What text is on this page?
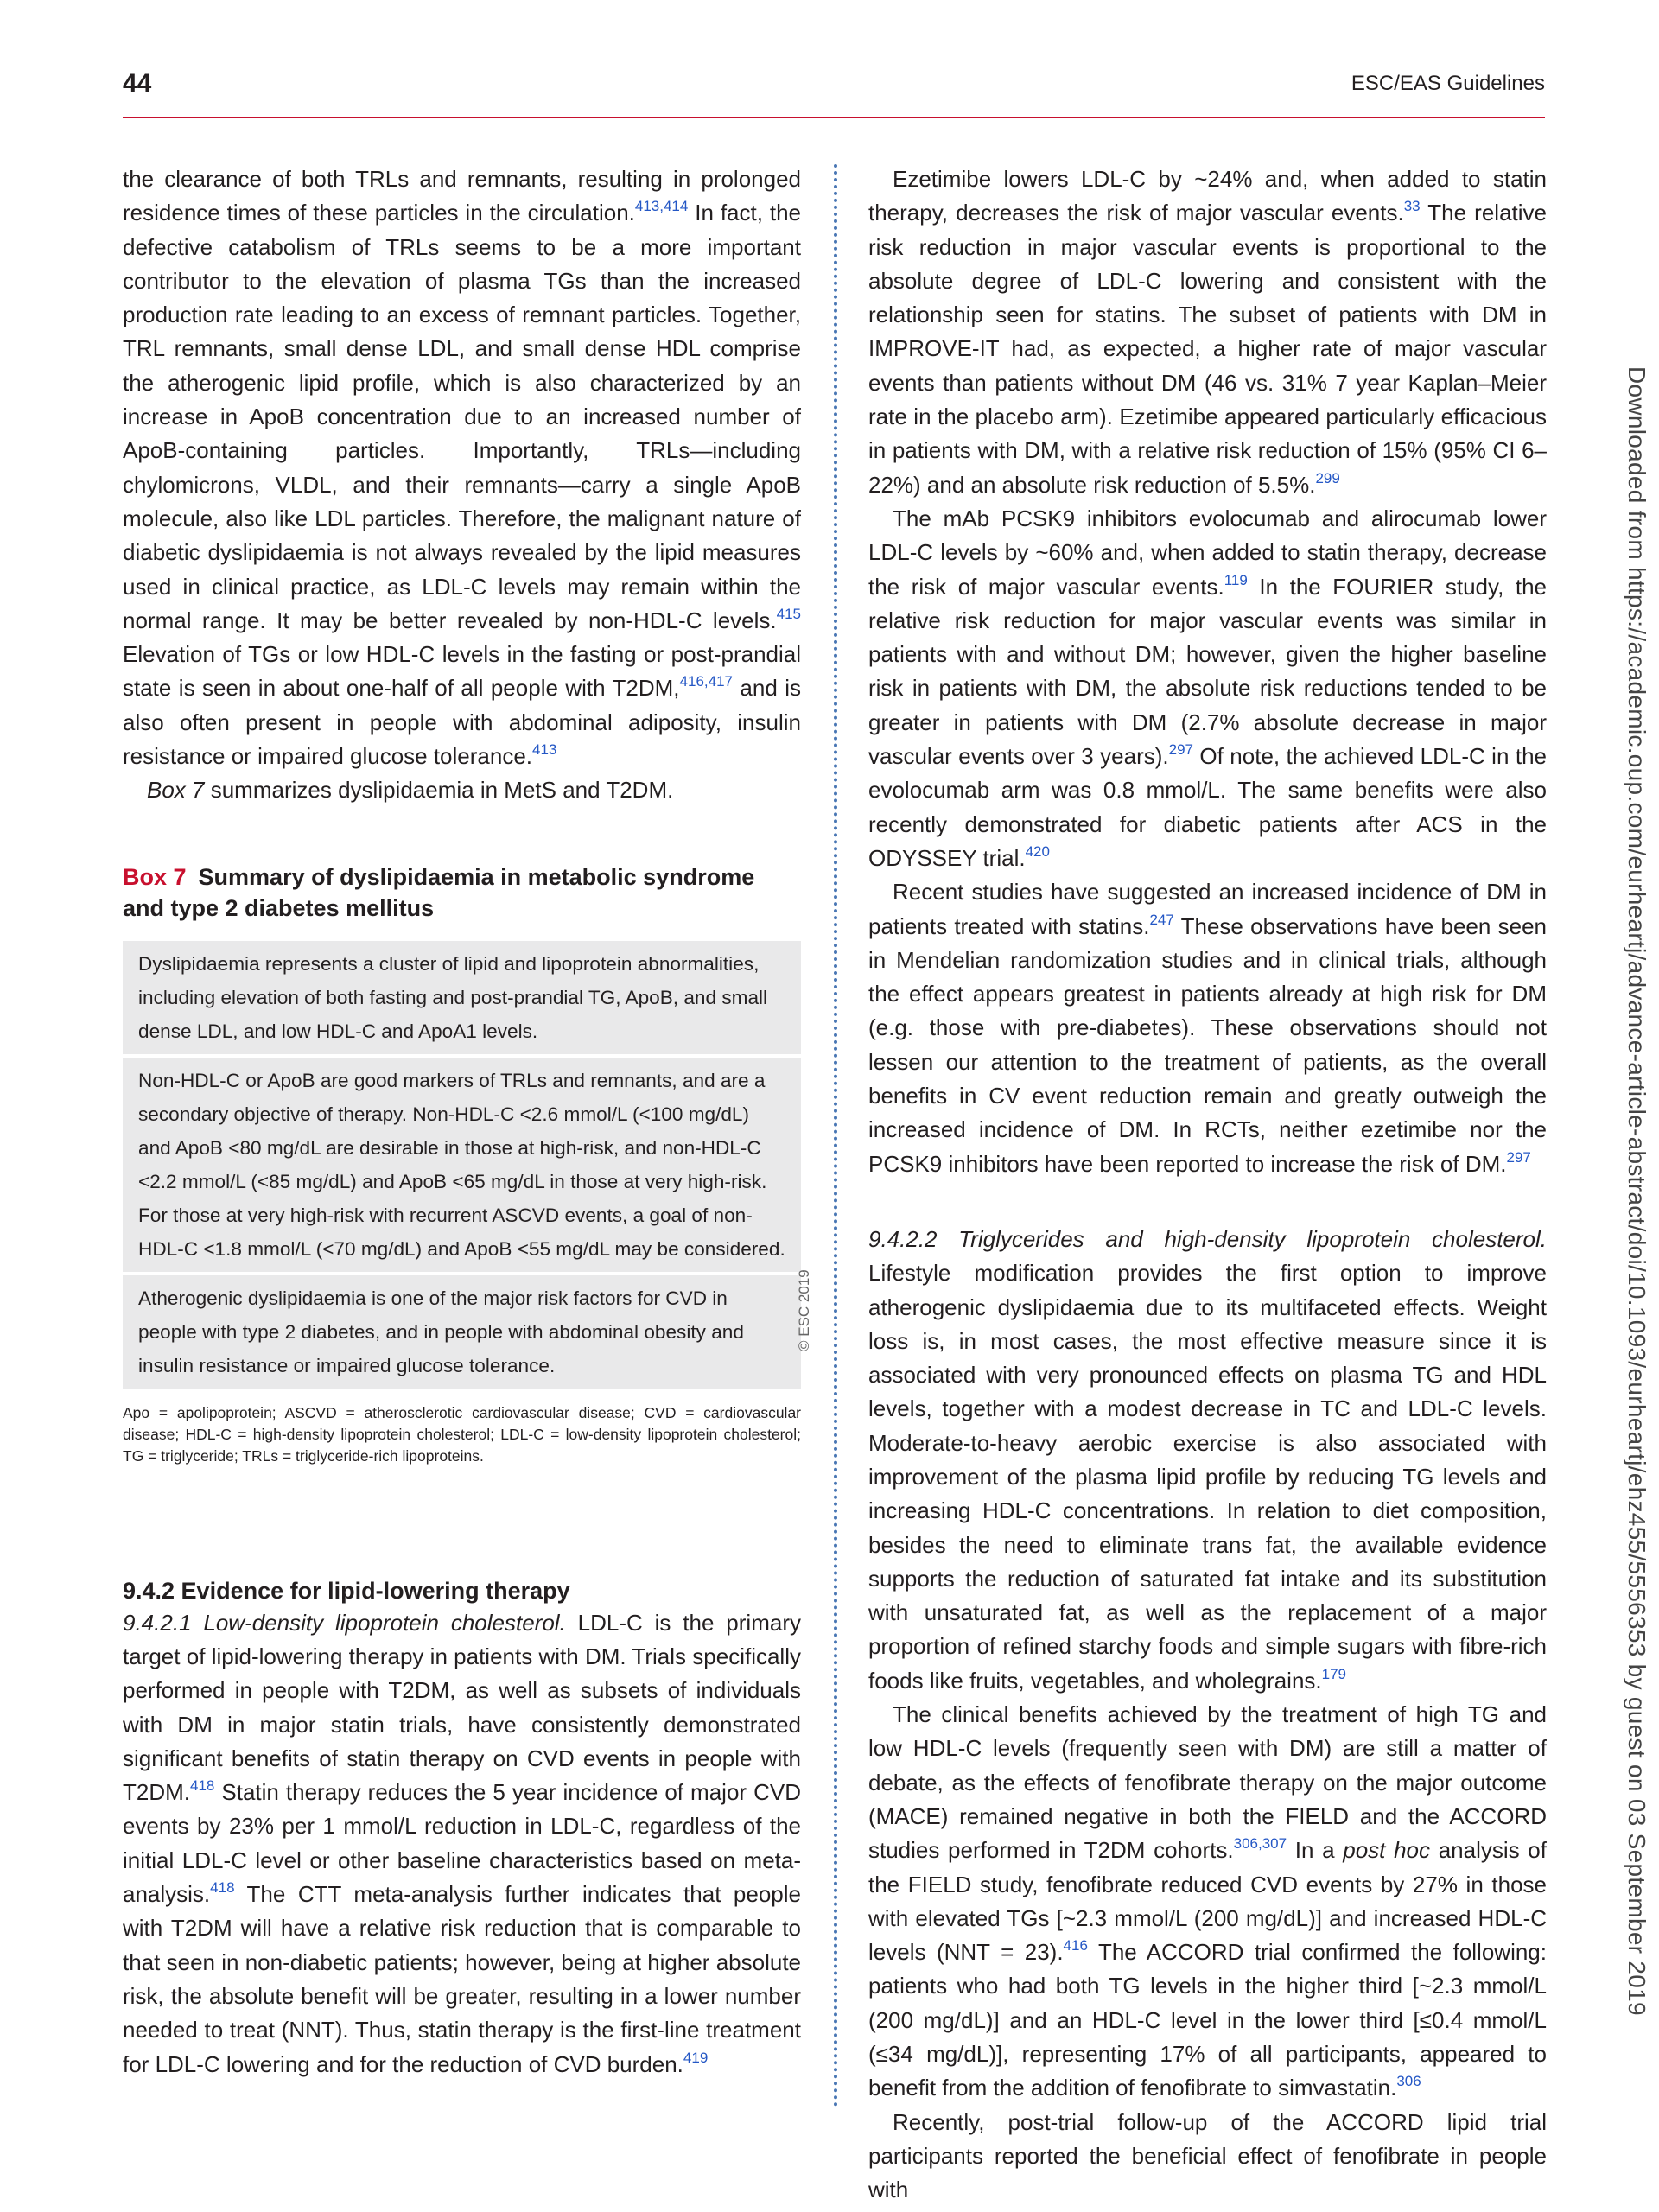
44	ESC/EAS Guidelines

the clearance of both TRLs and remnants, resulting in prolonged residence times of these particles in the circulation.$^{413,414}$ In fact, the defective catabolism of TRLs seems to be a more important contributor to the elevation of plasma TGs than the increased production rate leading to an excess of remnant particles. Together, TRL remnants, small dense LDL, and small dense HDL comprise the atherogenic lipid profile, which is also characterized by an increase in ApoB concentration due to an increased number of ApoB-containing particles. Importantly, TRLs—including chylomicrons, VLDL, and their remnants—carry a single ApoB molecule, also like LDL particles. Therefore, the malignant nature of diabetic dyslipidaemia is not always revealed by the lipid measures used in clinical practice, as LDL-C levels may remain within the normal range. It may be better revealed by non-HDL-C levels.$^{415}$ Elevation of TGs or low HDL-C levels in the fasting or post-prandial state is seen in about one-half of all people with T2DM,$^{416,417}$ and is also often present in people with abdominal adiposity, insulin resistance or impaired glucose tolerance.$^{413}$

Box 7 summarizes dyslipidaemia in MetS and T2DM.

Box 7 Summary of dyslipidaemia in metabolic syndrome and type 2 diabetes mellitus
Dyslipidaemia represents a cluster of lipid and lipoprotein abnormalities, including elevation of both fasting and post-prandial TG, ApoB, and small dense LDL, and low HDL-C and ApoA1 levels.
Non-HDL-C or ApoB are good markers of TRLs and remnants, and are a secondary objective of therapy. Non-HDL-C <2.6 mmol/L (<100 mg/dL) and ApoB <80 mg/dL are desirable in those at high-risk, and non-HDL-C <2.2 mmol/L (<85 mg/dL) and ApoB <65 mg/dL in those at very high-risk. For those at very high-risk with recurrent ASCVD events, a goal of non-HDL-C <1.8 mmol/L (<70 mg/dL) and ApoB <55 mg/dL may be considered.
Atherogenic dyslipidaemia is one of the major risk factors for CVD in people with type 2 diabetes, and in people with abdominal obesity and insulin resistance or impaired glucose tolerance.
Apo = apolipoprotein; ASCVD = atherosclerotic cardiovascular disease; CVD = cardiovascular disease; HDL-C = high-density lipoprotein cholesterol; LDL-C = low-density lipoprotein cholesterol; TG = triglyceride; TRLs = triglyceride-rich lipoproteins.
9.4.2 Evidence for lipid-lowering therapy

9.4.2.1 Low-density lipoprotein cholesterol. LDL-C is the primary target of lipid-lowering therapy in patients with DM. Trials specifically performed in people with T2DM, as well as subsets of individuals with DM in major statin trials, have consistently demonstrated significant benefits of statin therapy on CVD events in people with T2DM.$^{418}$ Statin therapy reduces the 5 year incidence of major CVD events by 23% per 1 mmol/L reduction in LDL-C, regardless of the initial LDL-C level or other baseline characteristics based on meta-analysis.$^{418}$ The CTT meta-analysis further indicates that people with T2DM will have a relative risk reduction that is comparable to that seen in non-diabetic patients; however, being at higher absolute risk, the absolute benefit will be greater, resulting in a lower number needed to treat (NNT). Thus, statin therapy is the first-line treatment for LDL-C lowering and for the reduction of CVD burden.$^{419}$

© ESC 2019

Ezetimibe lowers LDL-C by ~24% and, when added to statin therapy, decreases the risk of major vascular events.$^{33}$ The relative risk reduction in major vascular events is proportional to the absolute degree of LDL-C lowering and consistent with the relationship seen for statins. The subset of patients with DM in IMPROVE-IT had, as expected, a higher rate of major vascular events than patients without DM (46 vs. 31% 7 year Kaplan–Meier rate in the placebo arm). Ezetimibe appeared particularly efficacious in patients with DM, with a relative risk reduction of 15% (95% CI 6–22%) and an absolute risk reduction of 5.5%.$^{299}$

The mAb PCSK9 inhibitors evolocumab and alirocumab lower LDL-C levels by ~60% and, when added to statin therapy, decrease the risk of major vascular events.$^{119}$ In the FOURIER study, the relative risk reduction for major vascular events was similar in patients with and without DM; however, given the higher baseline risk in patients with DM, the absolute risk reductions tended to be greater in patients with DM (2.7% absolute decrease in major vascular events over 3 years).$^{297}$ Of note, the achieved LDL-C in the evolocumab arm was 0.8 mmol/L. The same benefits were also recently demonstrated for diabetic patients after ACS in the ODYSSEY trial.$^{420}$

Recent studies have suggested an increased incidence of DM in patients treated with statins.$^{247}$ These observations have been seen in Mendelian randomization studies and in clinical trials, although the effect appears greatest in patients already at high risk for DM (e.g. those with pre-diabetes). These observations should not lessen our attention to the treatment of patients, as the overall benefits in CV event reduction remain and greatly outweigh the increased incidence of DM. In RCTs, neither ezetimibe nor the PCSK9 inhibitors have been reported to increase the risk of DM.$^{297}$

9.4.2.2 Triglycerides and high-density lipoprotein cholesterol. Lifestyle modification provides the first option to improve atherogenic dyslipidaemia due to its multifaceted effects. Weight loss is, in most cases, the most effective measure since it is associated with very pronounced effects on plasma TG and HDL levels, together with a modest decrease in TC and LDL-C levels. Moderate-to-heavy aerobic exercise is also associated with improvement of the plasma lipid profile by reducing TG levels and increasing HDL-C concentrations. In relation to diet composition, besides the need to eliminate trans fat, the available evidence supports the reduction of saturated fat intake and its substitution with unsaturated fat, as well as the replacement of a major proportion of refined starchy foods and simple sugars with fibre-rich foods like fruits, vegetables, and wholegrains.$^{179}$

The clinical benefits achieved by the treatment of high TG and low HDL-C levels (frequently seen with DM) are still a matter of debate, as the effects of fenofibrate therapy on the major outcome (MACE) remained negative in both the FIELD and the ACCORD studies performed in T2DM cohorts.$^{306,307}$ In a post hoc analysis of the FIELD study, fenofibrate reduced CVD events by 27% in those with elevated TGs [~2.3 mmol/L (200 mg/dL)] and increased HDL-C levels (NNT = 23).$^{416}$ The ACCORD trial confirmed the following: patients who had both TG levels in the higher third [~2.3 mmol/L (200 mg/dL)] and an HDL-C level in the lower third [≤0.4 mmol/L (≤34 mg/dL)], representing 17% of all participants, appeared to benefit from the addition of fenofibrate to simvastatin.$^{306}$

Recently, post-trial follow-up of the ACCORD lipid trial participants reported the beneficial effect of fenofibrate in people with

Downloaded from https://academic.oup.com/eurheartj/advance-article-abstract/doi/10.1093/eurheartj/ehz455/5556353 by guest on 03 September 2019
